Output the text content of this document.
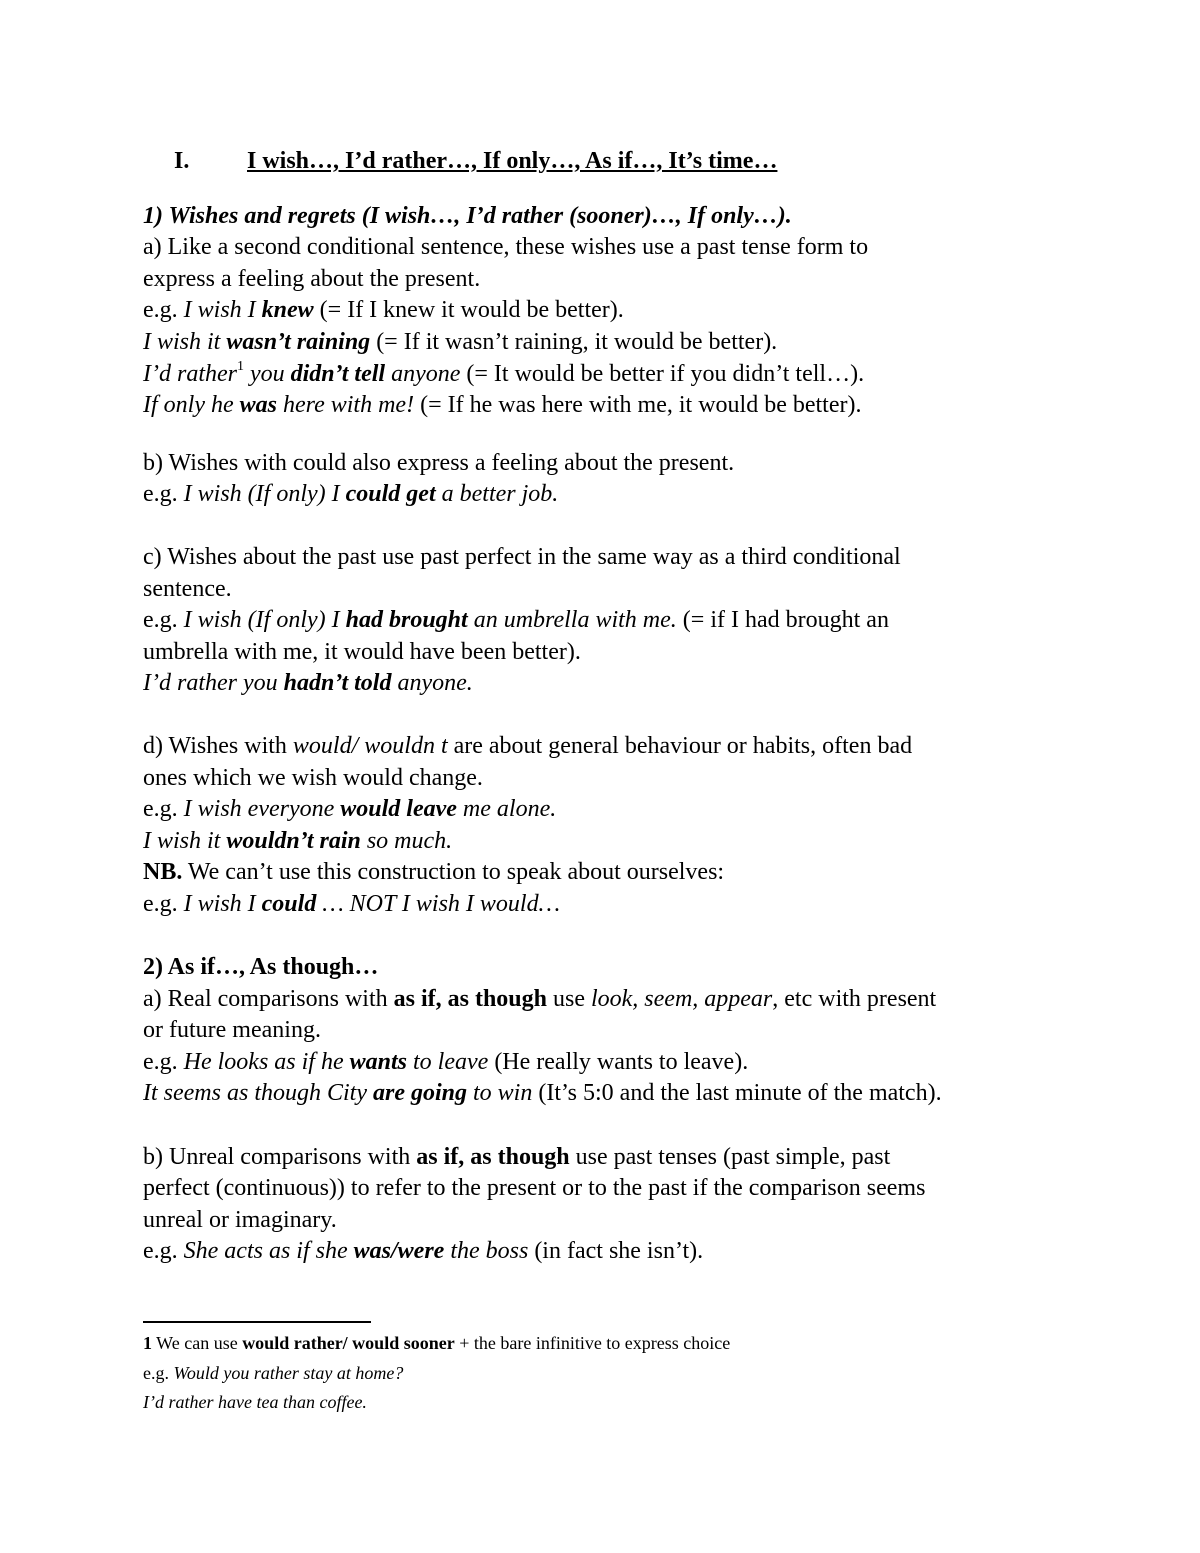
I. I wish…, I’d rather…, If only…, As if…, It’s time…
1) Wishes and regrets (I wish…, I’d rather (sooner)…, If only…).
a) Like a second conditional sentence, these wishes use a past tense form to
express a feeling about the present.
e.g. I wish I knew (= If I knew it would be better).
I wish it wasn’t raining (= If it wasn’t raining, it would be better).
I’d rather$^1$ you didn’t tell anyone (= It would be better if you didn’t tell…).
If only he was here with me! (= If he was here with me, it would be better).
b) Wishes with could also express a feeling about the present.
e.g. I wish (If only) I could get a better job.
c) Wishes about the past use past perfect in the same way as a third conditional
sentence.
e.g. I wish (If only) I had brought an umbrella with me. (= if I had brought an
umbrella with me, it would have been better).
I’d rather you hadn’t told anyone.
d) Wishes with would/ wouldn t are about general behaviour or habits, often bad
ones which we wish would change.
e.g. I wish everyone would leave me alone.
I wish it wouldn’t rain so much.
NB. We can’t use this construction to speak about ourselves:
e.g. I wish I could … NOT I wish I would…
2) As if…, As though…
a) Real comparisons with as if, as though use look, seem, appear, etc with present
or future meaning.
e.g. He looks as if he wants to leave (He really wants to leave).
It seems as though City are going to win (It’s 5:0 and the last minute of the match).
b) Unreal comparisons with as if, as though use past tenses (past simple, past
perfect (continuous)) to refer to the present or to the past if the comparison seems
unreal or imaginary.
e.g. She acts as if she was/were the boss (in fact she isn’t).
1 We can use would rather/ would sooner + the bare infinitive to express choice
e.g. Would you rather stay at home?
I’d rather have tea than coffee.
